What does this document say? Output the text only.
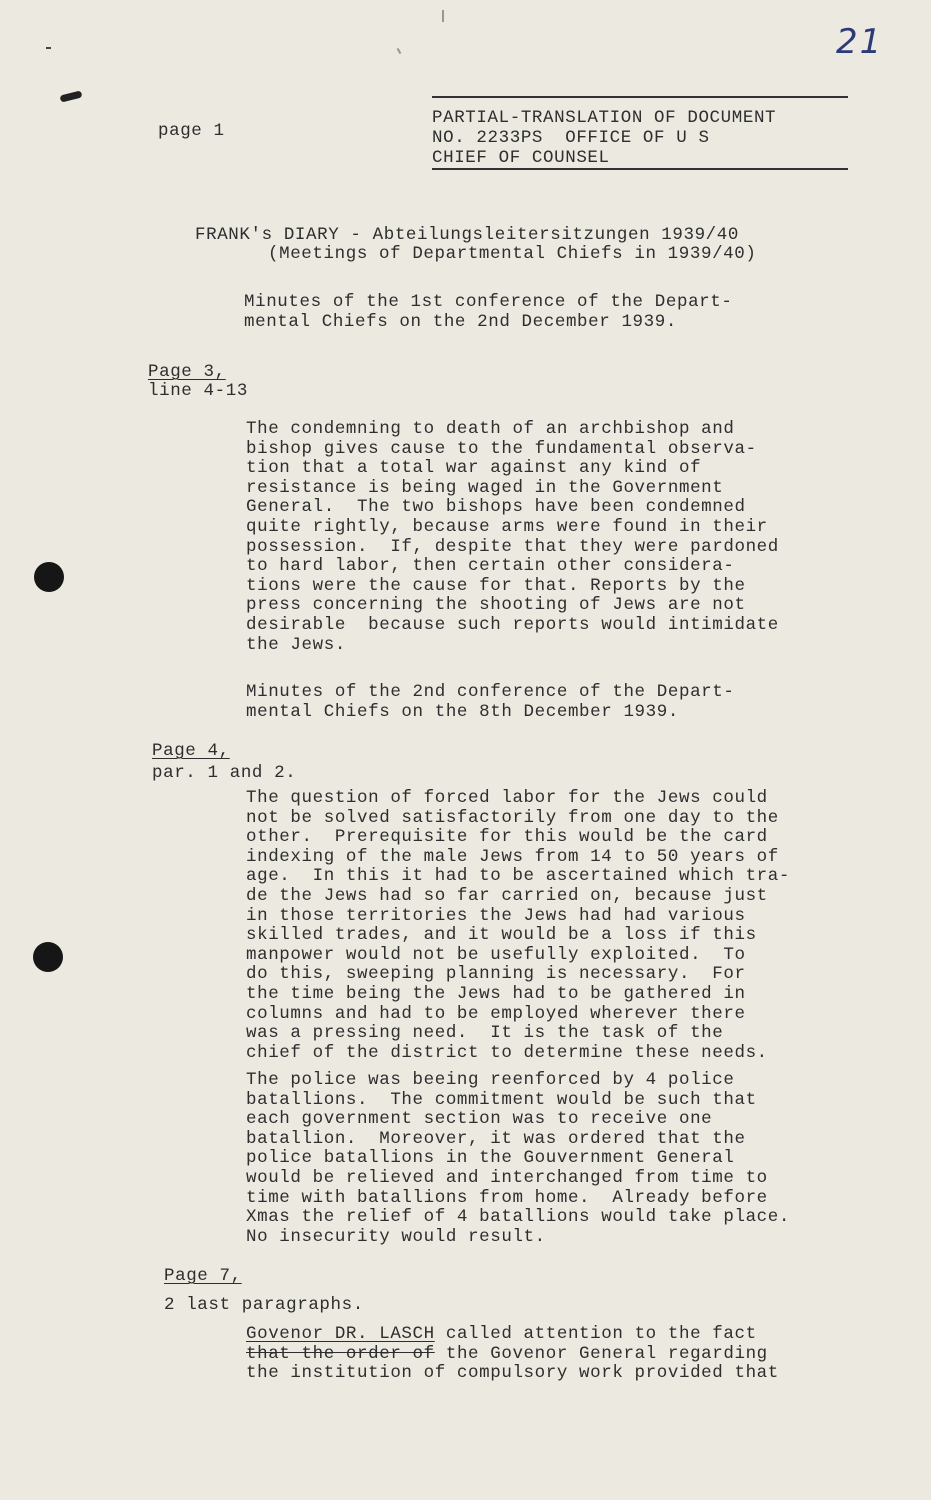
21
page 1
PARTIAL-TRANSLATION OF DOCUMENT
NO. 2233PS  OFFICE OF U S
CHIEF OF COUNSEL
FRANK's DIARY - Abteilungsleitersitzungen 1939/40
(Meetings of Departmental Chiefs in 1939/40)
Minutes of the 1st conference of the Depart-
mental Chiefs on the 2nd December 1939.
Page 3,
line 4-13
The condemning to death of an archbishop and
bishop gives cause to the fundamental observa-
tion that a total war against any kind of
resistance is being waged in the Government
General.  The two bishops have been condemned
quite rightly, because arms were found in their
possession.  If, despite that they were pardoned
to hard labor, then certain other considera-
tions were the cause for that. Reports by the
press concerning the shooting of Jews are not
desirable  because such reports would intimidate
the Jews.
Minutes of the 2nd conference of the Depart-
mental Chiefs on the 8th December 1939.
Page 4,
par. 1 and 2.
The question of forced labor for the Jews could
not be solved satisfactorily from one day to the
other.  Prerequisite for this would be the card
indexing of the male Jews from 14 to 50 years of
age.  In this it had to be ascertained which tra-
de the Jews had so far carried on, because just
in those territories the Jews had had various
skilled trades, and it would be a loss if this
manpower would not be usefully exploited.  To
do this, sweeping planning is necessary.  For
the time being the Jews had to be gathered in
columns and had to be employed wherever there
was a pressing need.  It is the task of the
chief of the district to determine these needs.
The police was beeing reenforced by 4 police
batallions.  The commitment would be such that
each government section was to receive one
batallion.  Moreover, it was ordered that the
police batallions in the Gouvernment General
would be relieved and interchanged from time to
time with batallions from home.  Already before
Xmas the relief of 4 batallions would take place.
No insecurity would result.
Page 7,
2 last paragraphs.
Govenor DR. LASCH called attention to the fact
that the order of the Govenor General regarding
the institution of compulsory work provided that
